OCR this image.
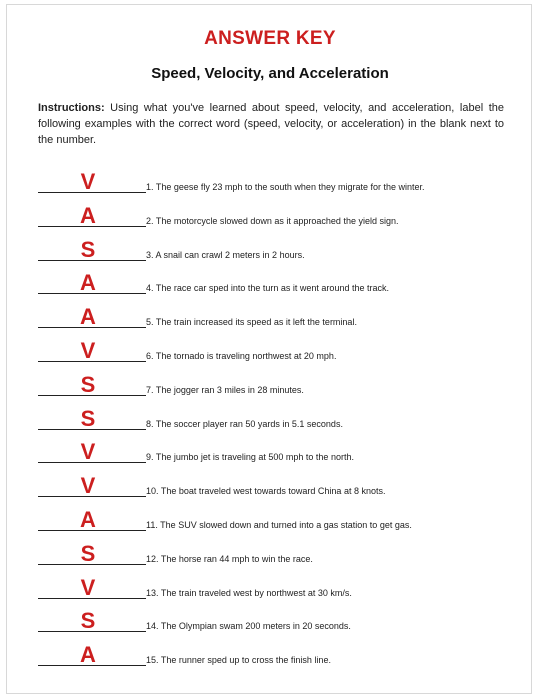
ANSWER KEY
Speed, Velocity, and Acceleration
Instructions: Using what you've learned about speed, velocity, and acceleration, label the following examples with the correct word (speed, velocity, or acceleration) in the blank next to the number.
V	1. The geese fly 23 mph to the south when they migrate for the winter.
A	2. The motorcycle slowed down as it approached the yield sign.
S	3. A snail can crawl 2 meters in 2 hours.
A	4. The race car sped into the turn as it went around the track.
A	5. The train increased its speed as it left the terminal.
V	6. The tornado is traveling northwest at 20 mph.
S	7. The jogger ran 3 miles in 28 minutes.
S	8. The soccer player ran 50 yards in 5.1 seconds.
V	9. The jumbo jet is traveling at 500 mph to the north.
V	10. The boat traveled west towards toward China at 8 knots.
A	11. The SUV slowed down and turned into a gas station to get gas.
S	12. The horse ran 44 mph to win the race.
V	13. The train traveled west by northwest at 30 km/s.
S	14. The Olympian swam 200 meters in 20 seconds.
A	15. The runner sped up to cross the finish line.
